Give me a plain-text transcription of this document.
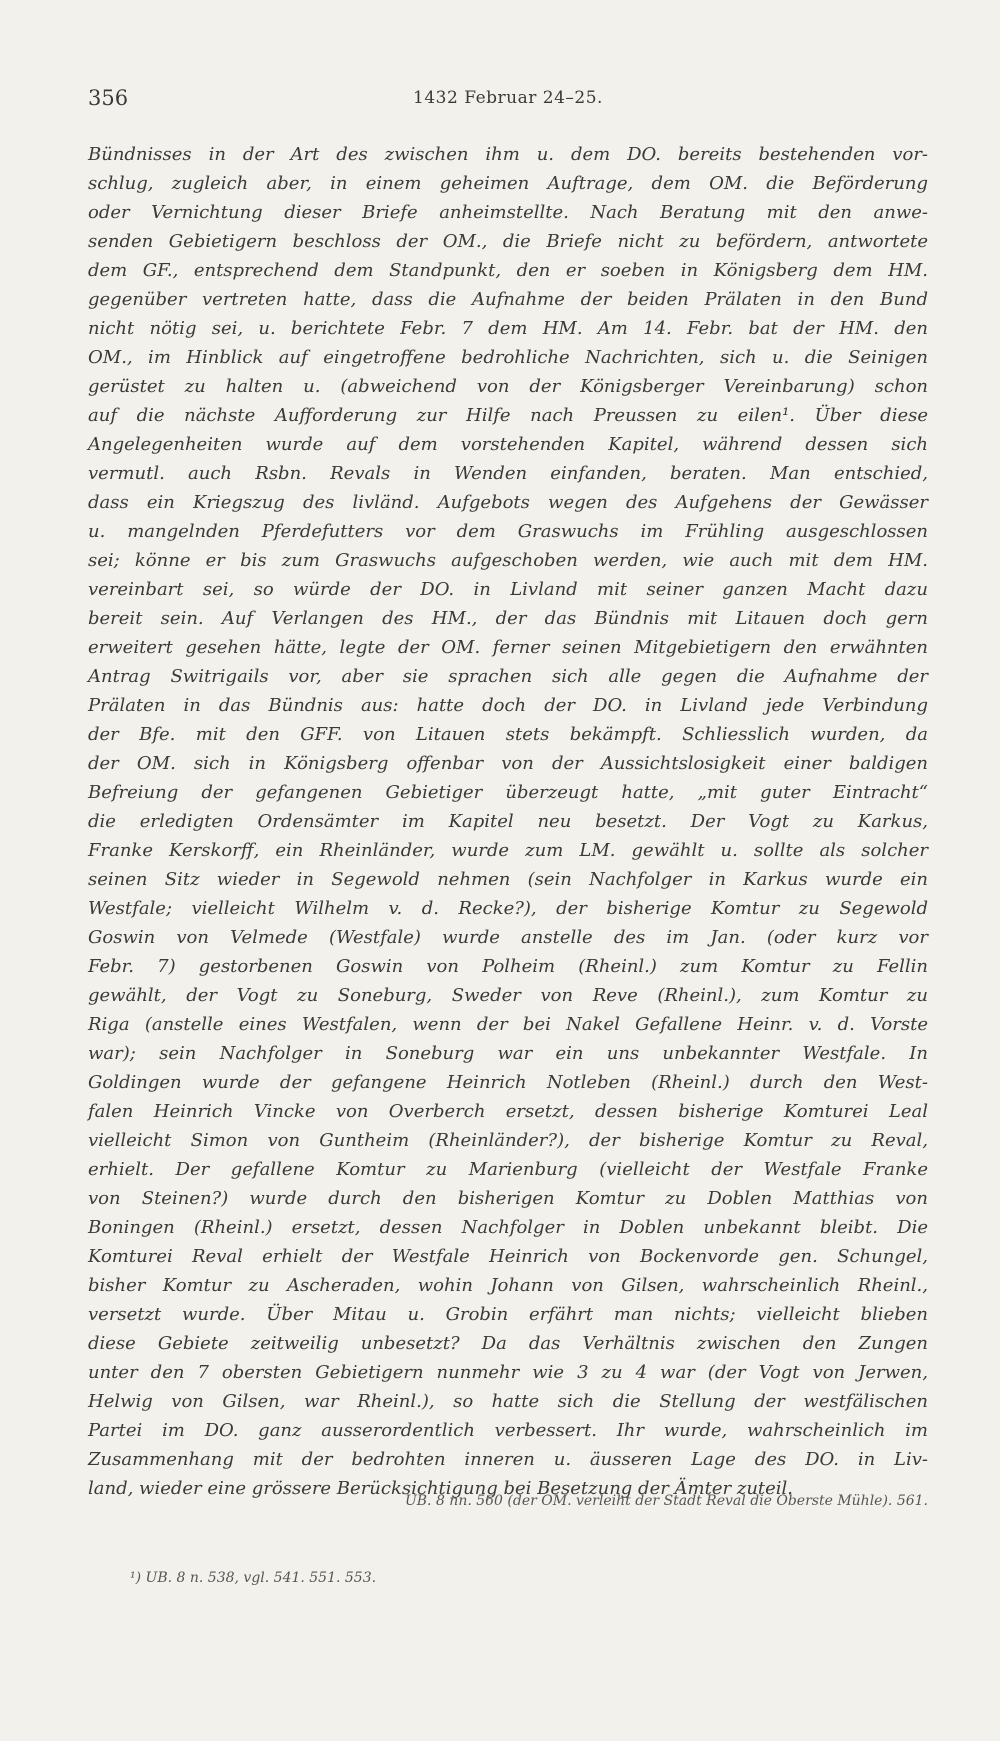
356	1432 Februar 24–25.
Bündnisses in der Art des zwischen ihm u. dem DO. bereits bestehenden vor-
schlug, zugleich aber, in einem geheimen Auftrage, dem OM. die Beförderung
oder Vernichtung dieser Briefe anheimstellte. Nach Beratung mit den anwe-
senden Gebietigern beschloss der OM., die Briefe nicht zu befördern, antwortete
dem GF., entsprechend dem Standpunkt, den er soeben in Königsberg dem HM.
gegenüber vertreten hatte, dass die Aufnahme der beiden Prälaten in den Bund
nicht nötig sei, u. berichtete Febr. 7 dem HM. Am 14. Febr. bat der HM. den
OM., im Hinblick auf eingetroffene bedrohliche Nachrichten, sich u. die Seinigen
gerüstet zu halten u. (abweichend von der Königsberger Vereinbarung) schon
auf die nächste Aufforderung zur Hilfe nach Preussen zu eilen¹. Über diese
Angelegenheiten wurde auf dem vorstehenden Kapitel, während dessen sich
vermutl. auch Rsbn. Revals in Wenden einfanden, beraten. Man entschied,
dass ein Kriegszug des livländ. Aufgebots wegen des Aufgehens der Gewässer
u. mangelnden Pferdefutters vor dem Graswuchs im Frühling ausgeschlossen
sei; könne er bis zum Graswuchs aufgeschoben werden, wie auch mit dem HM.
vereinbart sei, so würde der DO. in Livland mit seiner ganzen Macht dazu
bereit sein. Auf Verlangen des HM., der das Bündnis mit Litauen doch gern
erweitert gesehen hätte, legte der OM. ferner seinen Mitgebietigern den erwähnten
Antrag Switrigails vor, aber sie sprachen sich alle gegen die Aufnahme der
Prälaten in das Bündnis aus: hatte doch der DO. in Livland jede Verbindung
der Bfe. mit den GFF. von Litauen stets bekämpft. Schliesslich wurden, da
der OM. sich in Königsberg offenbar von der Aussichtslosigkeit einer baldigen
Befreiung der gefangenen Gebietiger überzeugt hatte, „mit guter Eintracht“
die erledigten Ordensämter im Kapitel neu besetzt. Der Vogt zu Karkus,
Franke Kerskorff, ein Rheinländer, wurde zum LM. gewählt u. sollte als solcher
seinen Sitz wieder in Segewold nehmen (sein Nachfolger in Karkus wurde ein
Westfale; vielleicht Wilhelm v. d. Recke?), der bisherige Komtur zu Segewold
Goswin von Velmede (Westfale) wurde anstelle des im Jan. (oder kurz vor
Febr. 7) gestorbenen Goswin von Polheim (Rheinl.) zum Komtur zu Fellin
gewählt, der Vogt zu Soneburg, Sweder von Reve (Rheinl.), zum Komtur zu
Riga (anstelle eines Westfalen, wenn der bei Nakel Gefallene Heinr. v. d. Vorste
war); sein Nachfolger in Soneburg war ein uns unbekannter Westfale. In
Goldingen wurde der gefangene Heinrich Notleben (Rheinl.) durch den West-
falen Heinrich Vincke von Overberch ersetzt, dessen bisherige Komturei Leal
vielleicht Simon von Guntheim (Rheinländer?), der bisherige Komtur zu Reval,
erhielt. Der gefallene Komtur zu Marienburg (vielleicht der Westfale Franke
von Steinen?) wurde durch den bisherigen Komtur zu Doblen Matthias von
Boningen (Rheinl.) ersetzt, dessen Nachfolger in Doblen unbekannt bleibt. Die
Komturei Reval erhielt der Westfale Heinrich von Bockenvorde gen. Schungel,
bisher Komtur zu Ascheraden, wohin Johann von Gilsen, wahrscheinlich Rheinl.,
versetzt wurde. Über Mitau u. Grobin erfährt man nichts; vielleicht blieben
diese Gebiete zeitweilig unbesetzt? Da das Verhältnis zwischen den Zungen
unter den 7 obersten Gebietigern nunmehr wie 3 zu 4 war (der Vogt von Jerwen,
Helwig von Gilsen, war Rheinl.), so hatte sich die Stellung der westfälischen
Partei im DO. ganz ausserordentlich verbessert. Ihr wurde, wahrscheinlich im
Zusammenhang mit der bedrohten inneren u. äusseren Lage des DO. in Liv-
land, wieder eine grössere Berücksichtigung bei Besetzung der Ämter zuteil.
UB. 8 nn. 560 (der OM. verleiht der Stadt Reval die Oberste Mühle). 561.
¹) UB. 8 n. 538, vgl. 541. 551. 553.
